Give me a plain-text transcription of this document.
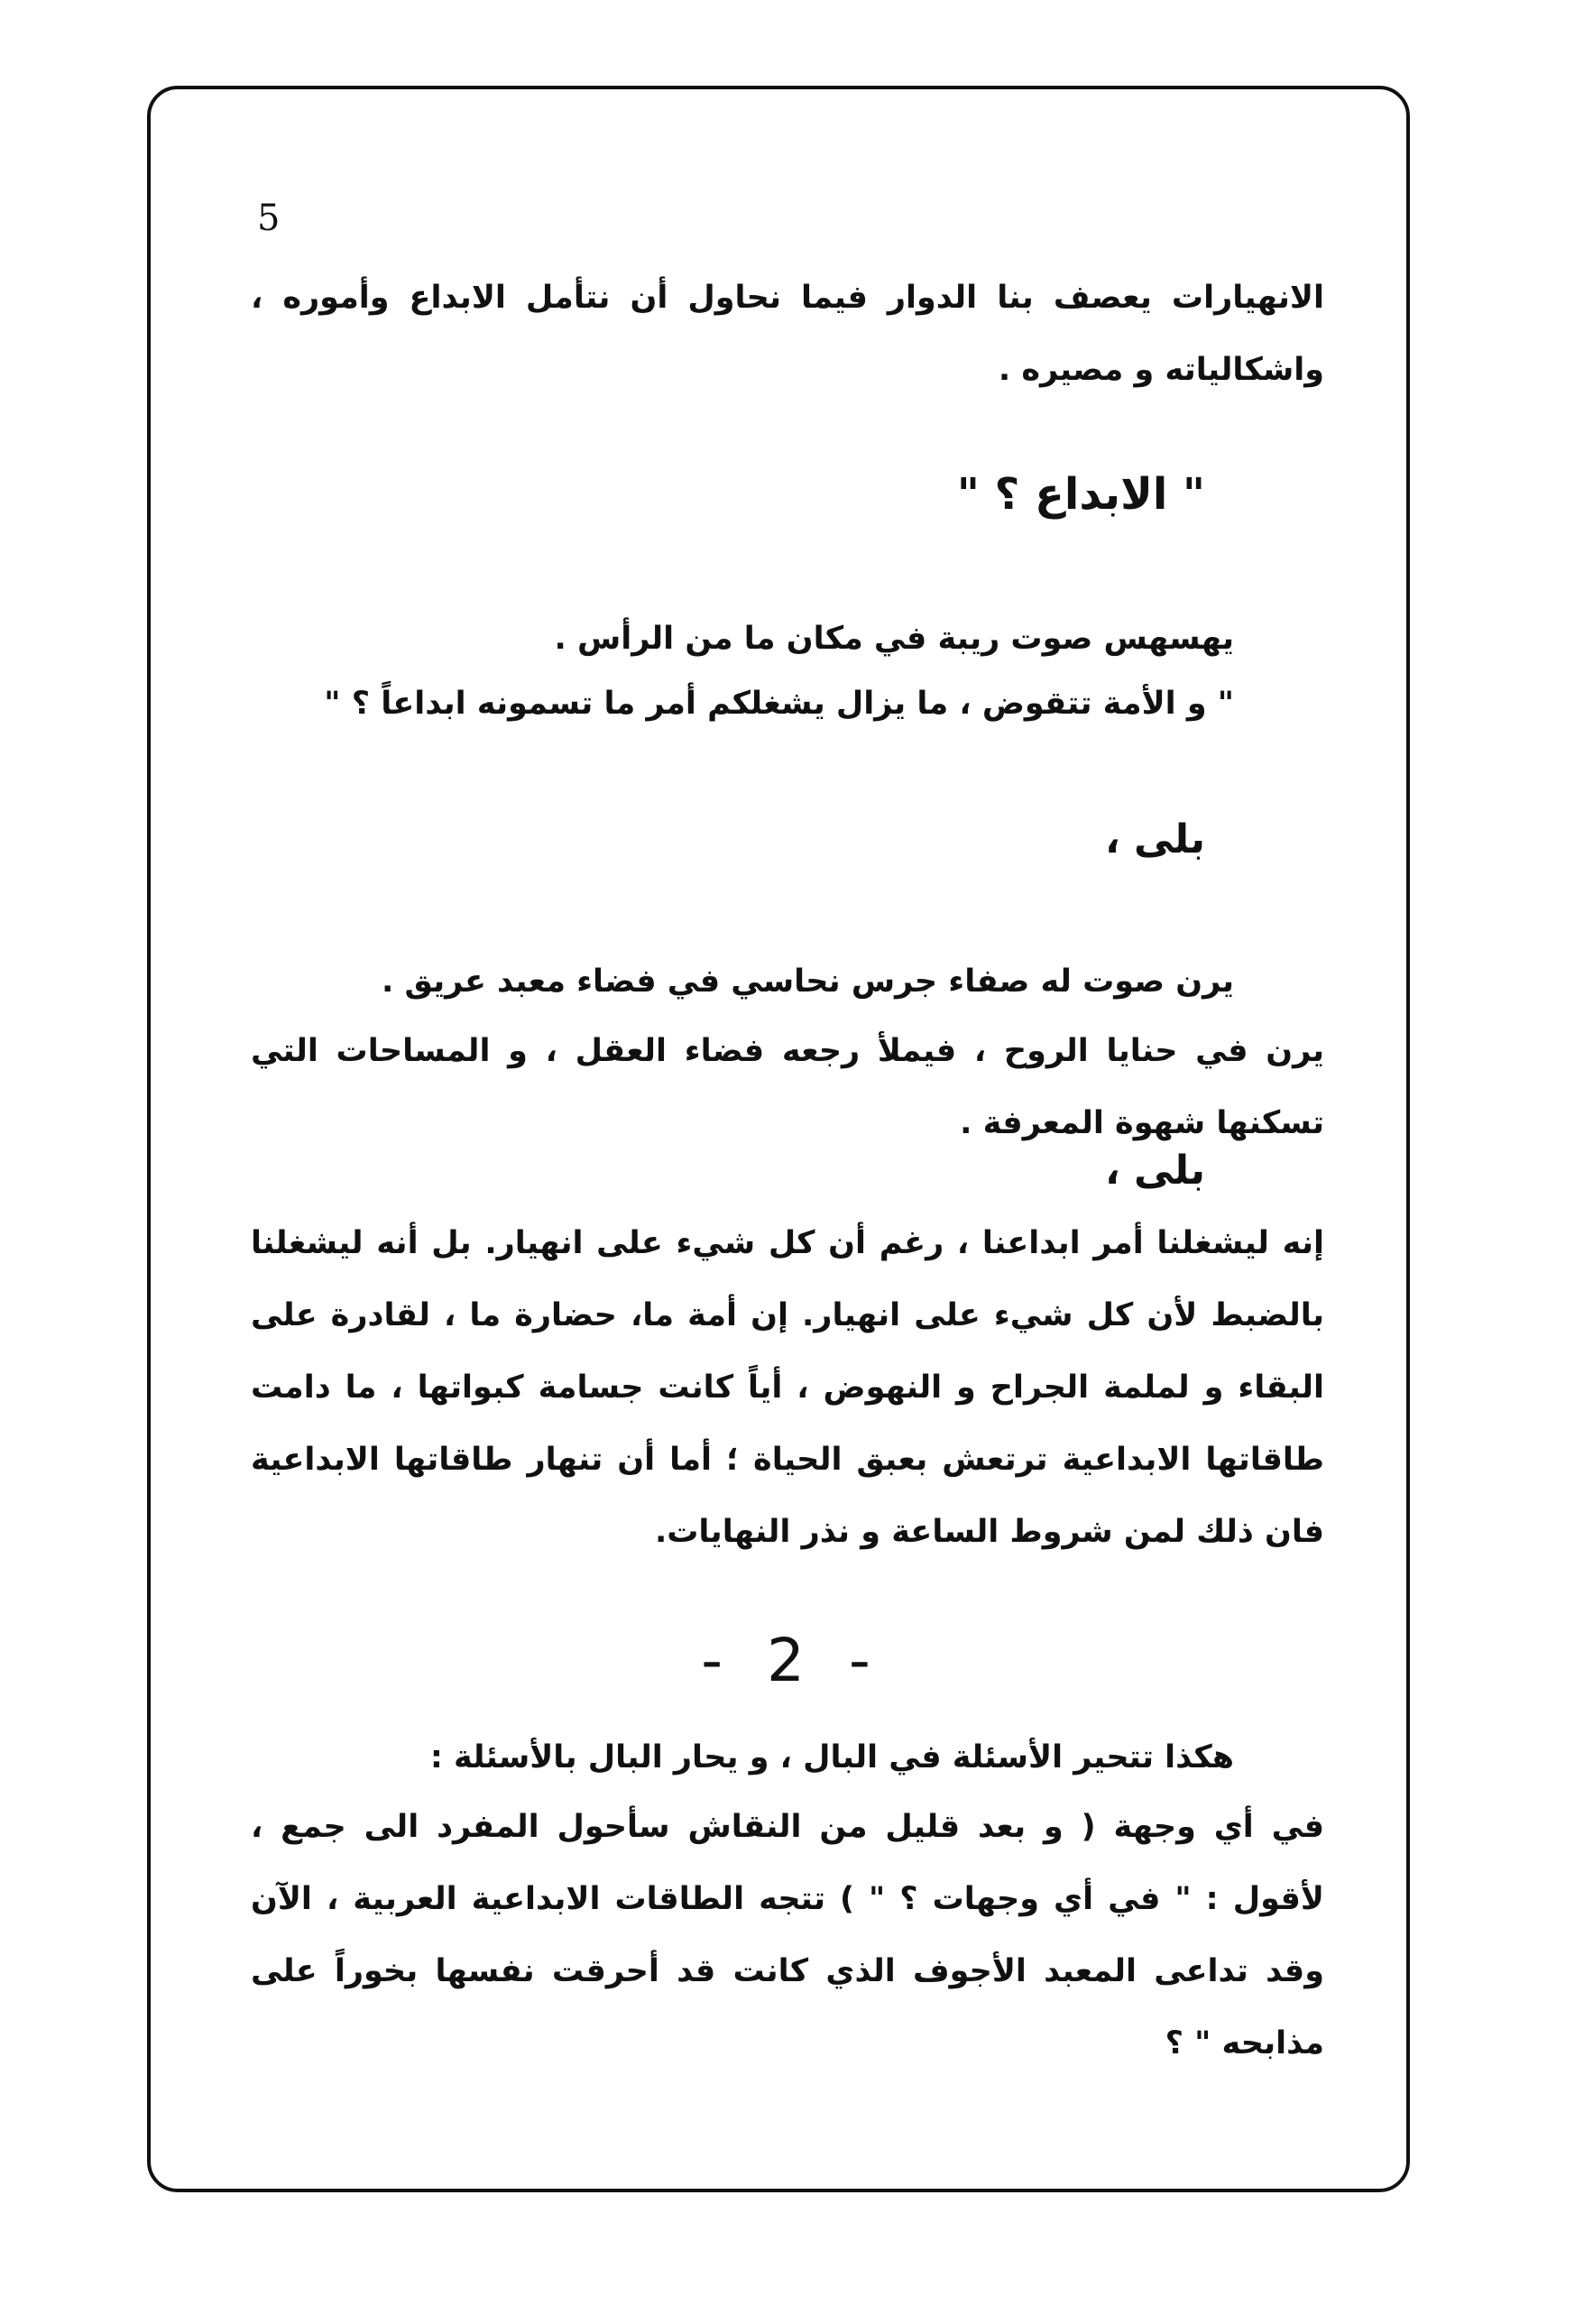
5

الانهيارات يعصف بنا الدوار فيما نحاول أن نتأمل الابداع وأموره ، واشكالياته و مصيره .

" الابداع ؟ "

يهسهس صوت ريبة في مكان ما من الرأس .

" و الأمة تتقوض ، ما يزال يشغلكم أمر ما تسمونه ابداعاً ؟ "

بلى ،

يرن صوت له صفاء جرس نحاسي في فضاء معبد عريق .

يرن في حنايا الروح ، فيملأ رجعه فضاء العقل ، و المساحات التي تسكنها شهوة المعرفة .

بلى ،

إنه ليشغلنا أمر ابداعنا ، رغم أن كل شيء على انهيار. بل أنه ليشغلنا بالضبط لأن كل شيء على انهيار. إن أمة ما، حضارة ما ، لقادرة على البقاء و لملمة الجراح و النهوض ، أياً كانت جسامة كبواتها ، ما دامت طاقاتها الابداعية ترتعش بعبق الحياة ؛ أما أن تنهار طاقاتها الابداعية فان ذلك لمن شروط الساعة و نذر النهايات.

- 2 -

هكذا تتحير الأسئلة في البال ، و يحار البال بالأسئلة :

في أي وجهة ( و بعد قليل من النقاش سأحول المفرد الى جمع ، لأقول : " في أي وجهات ؟ " ) تتجه الطاقات الابداعية العربية ، الآن وقد تداعى المعبد الأجوف الذي كانت قد أحرقت نفسها بخوراً على مذابحه " ؟
